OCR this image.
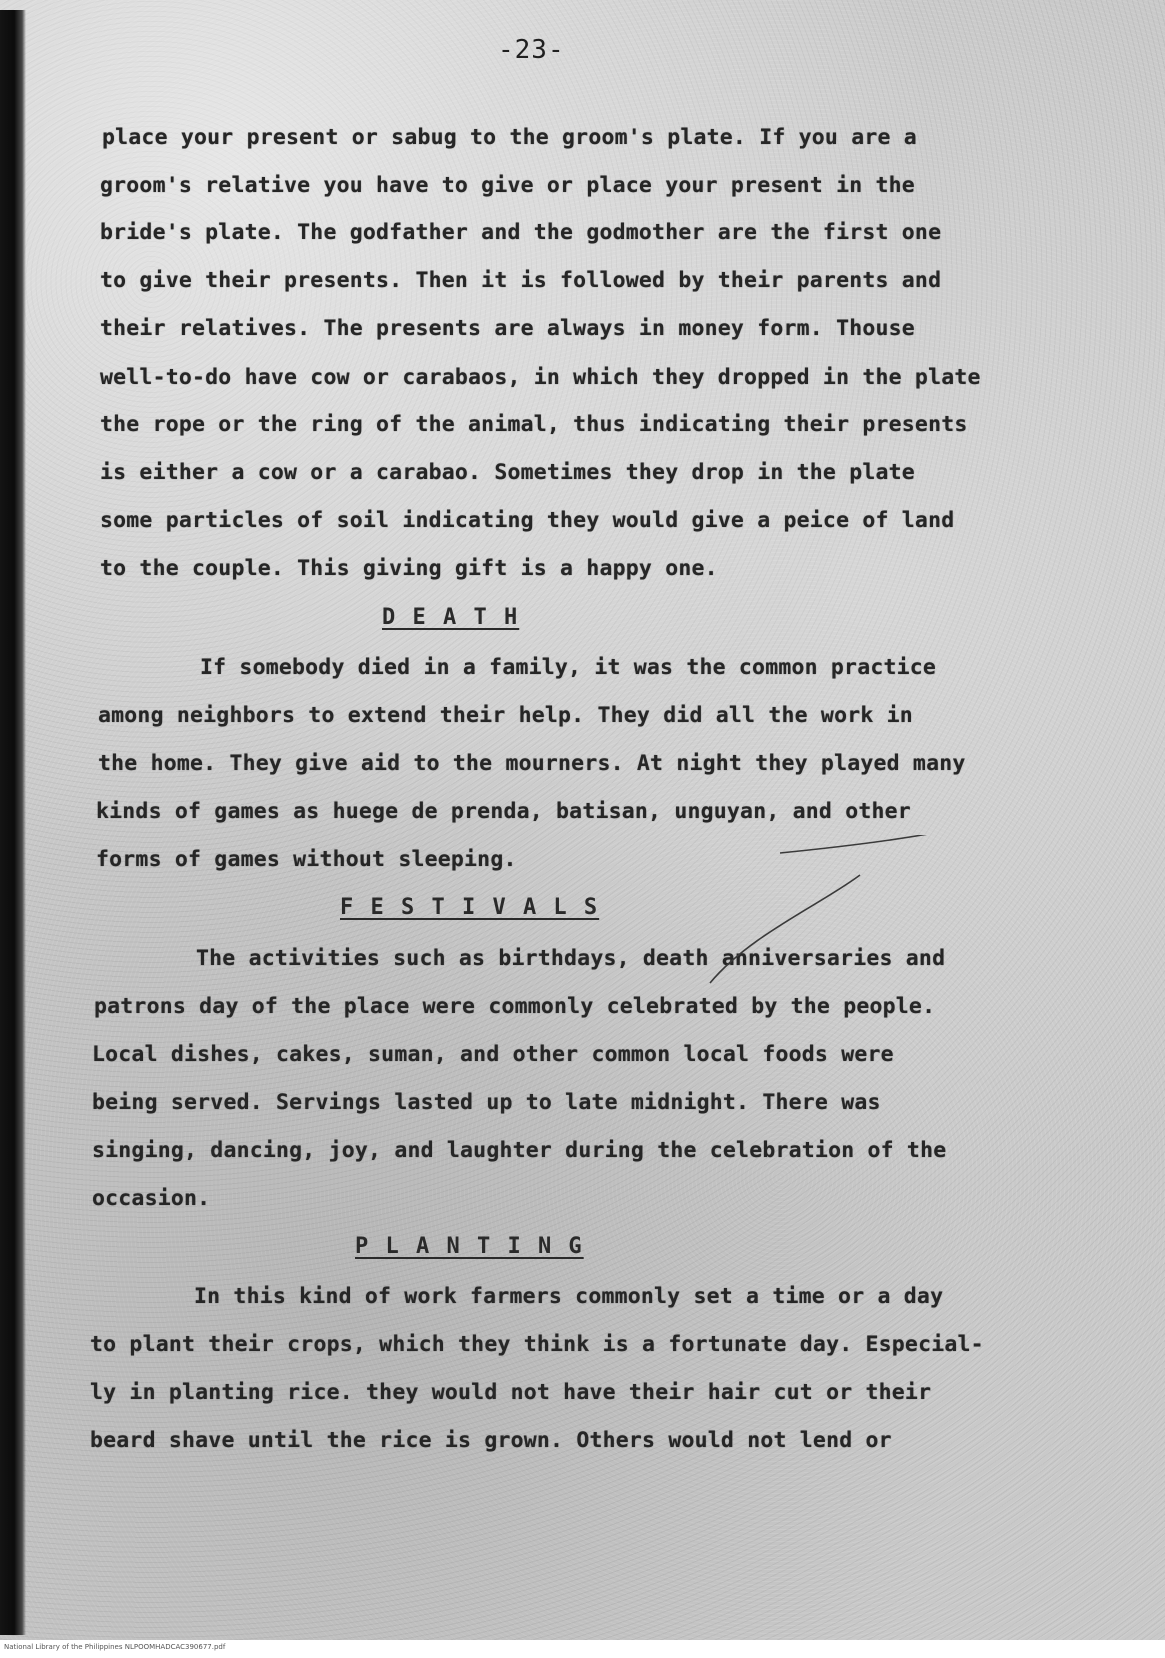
-23-
place your present or sabug to the groom's plate. If you are a
groom's relative you have to give or place your present in the
bride's plate. The godfather and the godmother are the first one
to give their presents. Then it is followed by their parents and
their relatives. The presents are always in money form. Thouse
well-to-do have cow or carabaos, in which they dropped in the plate
the rope or the ring of the animal, thus indicating their presents
is either a cow or a carabao. Sometimes they drop in the plate
some particles of soil indicating they would give a peice of land
to the couple. This giving gift is a happy one.
D E A T H
If somebody died in a family, it was the common practice
among neighbors to extend their help. They did all the work in
the home. They give aid to the mourners. At night they played many
kinds of games as huege de prenda, batisan, unguyan, and other
forms of games without sleeping.
F E S T I V A L S
The activities such as birthdays, death anniversaries and
patrons day of the place were commonly celebrated by the people.
Local dishes, cakes, suman, and other common local foods were
being served. Servings lasted up to late midnight. There was
singing, dancing, joy, and laughter during the celebration of the
occasion.
P L A N T I N G
In this kind of work farmers commonly set a time or a day
to plant their crops, which they think is a fortunate day. Especial-
ly in planting rice. they would not have their hair cut or their
beard shave until the rice is grown. Others would not lend or
National Library of the Philippines NLPOOMHADCAC390677.pdf
